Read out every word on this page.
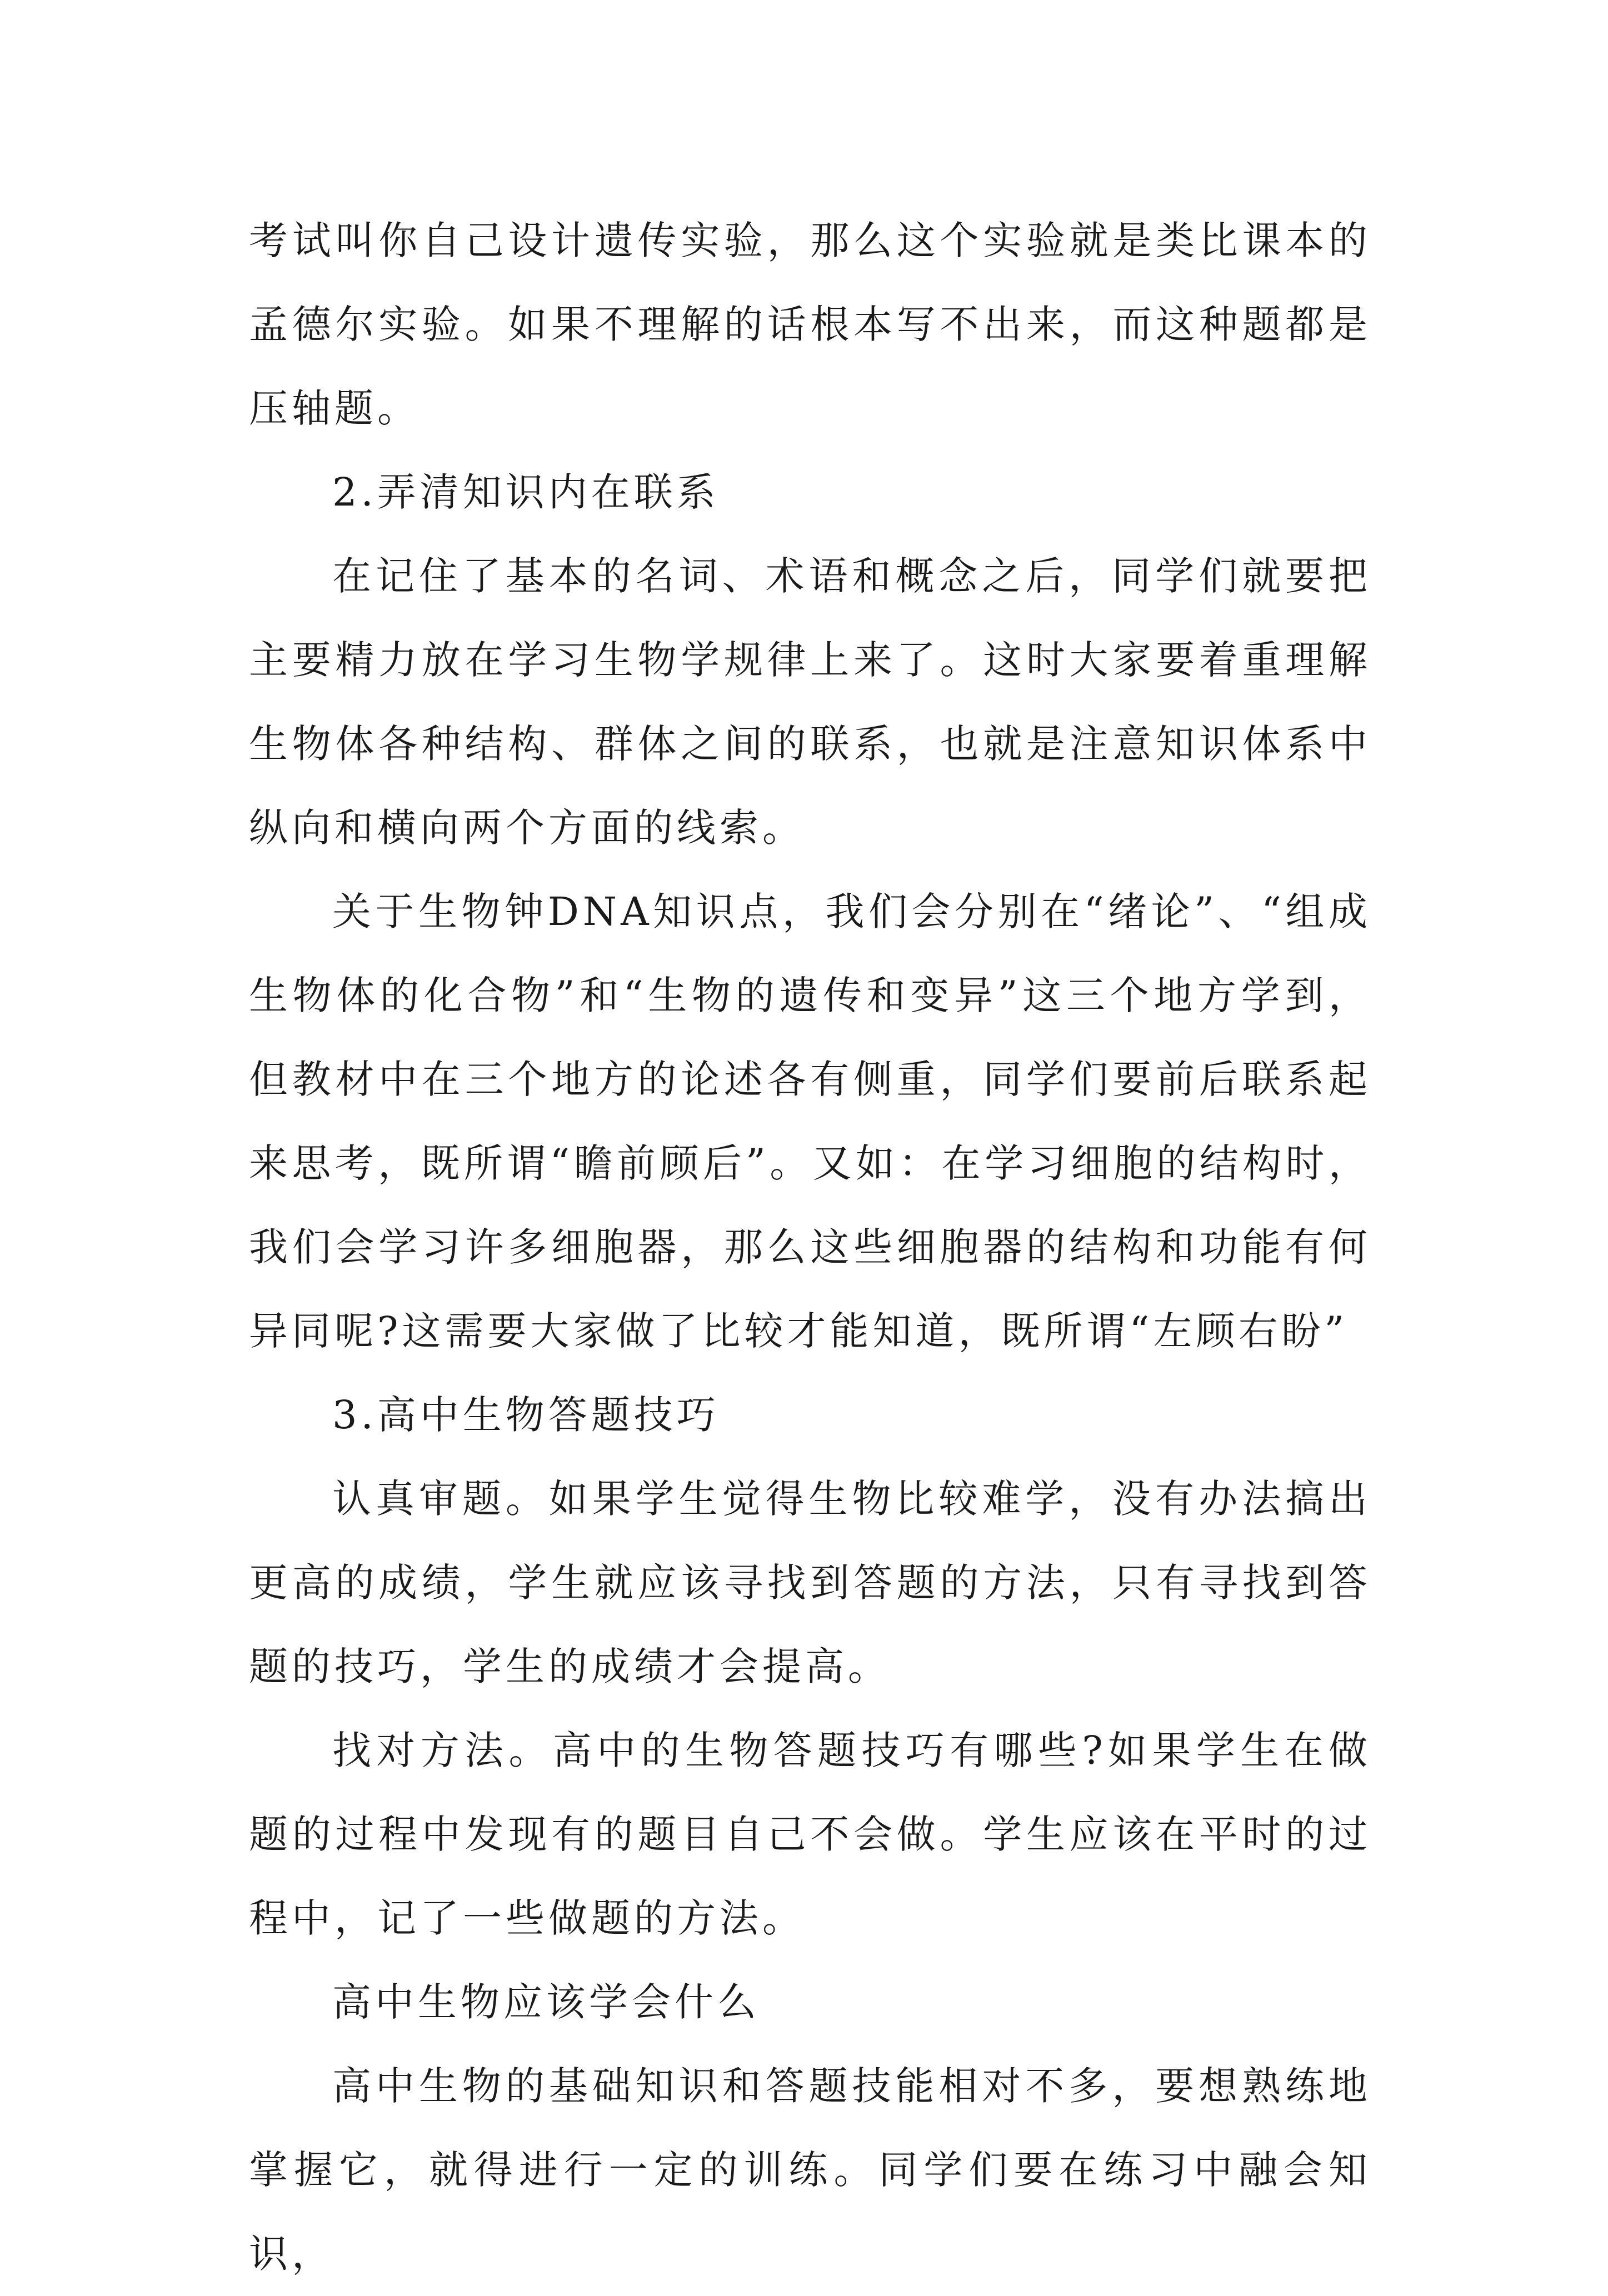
考试叫你自己设计遗传实验，那么这个实验就是类比课本的孟德尔实验。如果不理解的话根本写不出来，而这种题都是压轴题。

2.弄清知识内在联系

在记住了基本的名词、术语和概念之后，同学们就要把主要精力放在学习生物学规律上来了。这时大家要着重理解生物体各种结构、群体之间的联系，也就是注意知识体系中纵向和横向两个方面的线索。

关于生物钟DNA知识点，我们会分别在“绪论”、“组成生物体的化合物”和“生物的遗传和变异”这三个地方学到，但教材中在三个地方的论述各有侧重，同学们要前后联系起来思考，既所谓“瞻前顾后”。又如：在学习细胞的结构时，我们会学习许多细胞器，那么这些细胞器的结构和功能有何异同呢?这需要大家做了比较才能知道，既所谓“左顾右盼”

3.高中生物答题技巧

认真审题。如果学生觉得生物比较难学，没有办法搞出更高的成绩，学生就应该寻找到答题的方法，只有寻找到答题的技巧，学生的成绩才会提高。

找对方法。高中的生物答题技巧有哪些?如果学生在做题的过程中发现有的题目自己不会做。学生应该在平时的过程中，记了一些做题的方法。

高中生物应该学会什么

高中生物的基础知识和答题技能相对不多，要想熟练地掌握它，就得进行一定的训练。同学们要在练习中融会知识，
